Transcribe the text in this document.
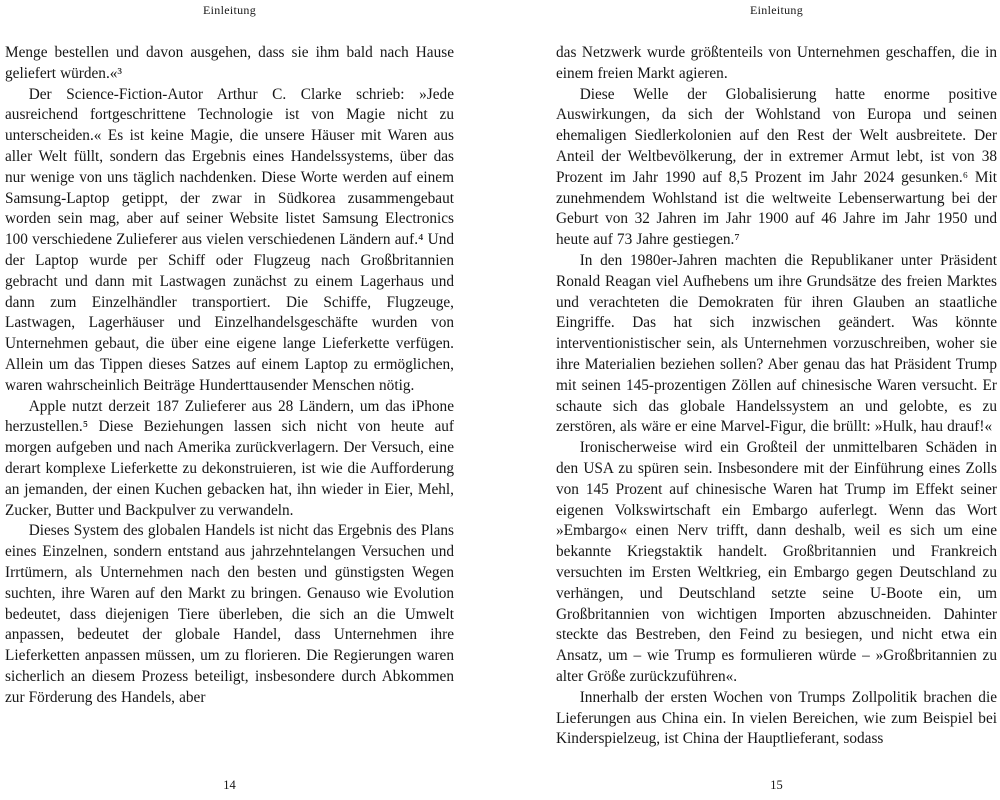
Einleitung

Menge bestellen und davon ausgehen, dass sie ihm bald nach Hause geliefert würden.«³

Der Science-Fiction-Autor Arthur C. Clarke schrieb: »Jede ausreichend fortgeschrittene Technologie ist von Magie nicht zu unterscheiden.« Es ist keine Magie, die unsere Häuser mit Waren aus aller Welt füllt, sondern das Ergebnis eines Handelssystems, über das nur wenige von uns täglich nachdenken. Diese Worte werden auf einem Samsung-Laptop getippt, der zwar in Südkorea zusammengebaut worden sein mag, aber auf seiner Website listet Samsung Electronics 100 verschiedene Zulieferer aus vielen verschiedenen Ländern auf.⁴ Und der Laptop wurde per Schiff oder Flugzeug nach Großbritannien gebracht und dann mit Lastwagen zunächst zu einem Lagerhaus und dann zum Einzelhändler transportiert. Die Schiffe, Flugzeuge, Lastwagen, Lagerhäuser und Einzelhandelsgeschäfte wurden von Unternehmen gebaut, die über eine eigene lange Lieferkette verfügen. Allein um das Tippen dieses Satzes auf einem Laptop zu ermöglichen, waren wahrscheinlich Beiträge Hunderttausender Menschen nötig.

Apple nutzt derzeit 187 Zulieferer aus 28 Ländern, um das iPhone herzustellen.⁵ Diese Beziehungen lassen sich nicht von heute auf morgen aufgeben und nach Amerika zurückverlagern. Der Versuch, eine derart komplexe Lieferkette zu dekonstruieren, ist wie die Aufforderung an jemanden, der einen Kuchen gebacken hat, ihn wieder in Eier, Mehl, Zucker, Butter und Backpulver zu verwandeln.

Dieses System des globalen Handels ist nicht das Ergebnis des Plans eines Einzelnen, sondern entstand aus jahrzehntelangen Versuchen und Irrtümern, als Unternehmen nach den besten und günstigsten Wegen suchten, ihre Waren auf den Markt zu bringen. Genauso wie Evolution bedeutet, dass diejenigen Tiere überleben, die sich an die Umwelt anpassen, bedeutet der globale Handel, dass Unternehmen ihre Lieferketten anpassen müssen, um zu florieren. Die Regierungen waren sicherlich an diesem Prozess beteiligt, insbesondere durch Abkommen zur Förderung des Handels, aber

14
Einleitung

das Netzwerk wurde größtenteils von Unternehmen geschaffen, die in einem freien Markt agieren.

Diese Welle der Globalisierung hatte enorme positive Auswirkungen, da sich der Wohlstand von Europa und seinen ehemaligen Siedlerkolonien auf den Rest der Welt ausbreitete. Der Anteil der Weltbevölkerung, der in extremer Armut lebt, ist von 38 Prozent im Jahr 1990 auf 8,5 Prozent im Jahr 2024 gesunken.⁶ Mit zunehmendem Wohlstand ist die weltweite Lebenserwartung bei der Geburt von 32 Jahren im Jahr 1900 auf 46 Jahre im Jahr 1950 und heute auf 73 Jahre gestiegen.⁷

In den 1980er-Jahren machten die Republikaner unter Präsident Ronald Reagan viel Aufhebens um ihre Grundsätze des freien Marktes und verachteten die Demokraten für ihren Glauben an staatliche Eingriffe. Das hat sich inzwischen geändert. Was könnte interventionistischer sein, als Unternehmen vorzuschreiben, woher sie ihre Materialien beziehen sollen? Aber genau das hat Präsident Trump mit seinen 145-prozentigen Zöllen auf chinesische Waren versucht. Er schaute sich das globale Handelssystem an und gelobte, es zu zerstören, als wäre er eine Marvel-Figur, die brüllt: »Hulk, hau drauf!«

Ironischerweise wird ein Großteil der unmittelbaren Schäden in den USA zu spüren sein. Insbesondere mit der Einführung eines Zolls von 145 Prozent auf chinesische Waren hat Trump im Effekt seiner eigenen Volkswirtschaft ein Embargo auferlegt. Wenn das Wort »Embargo« einen Nerv trifft, dann deshalb, weil es sich um eine bekannte Kriegstaktik handelt. Großbritannien und Frankreich versuchten im Ersten Weltkrieg, ein Embargo gegen Deutschland zu verhängen, und Deutschland setzte seine U-Boote ein, um Großbritannien von wichtigen Importen abzuschneiden. Dahinter steckte das Bestreben, den Feind zu besiegen, und nicht etwa ein Ansatz, um – wie Trump es formulieren würde – »Großbritannien zu alter Größe zurückzuführen«.

Innerhalb der ersten Wochen von Trumps Zollpolitik brachen die Lieferungen aus China ein. In vielen Bereichen, wie zum Beispiel bei Kinderspielzeug, ist China der Hauptlieferant, sodass

15
